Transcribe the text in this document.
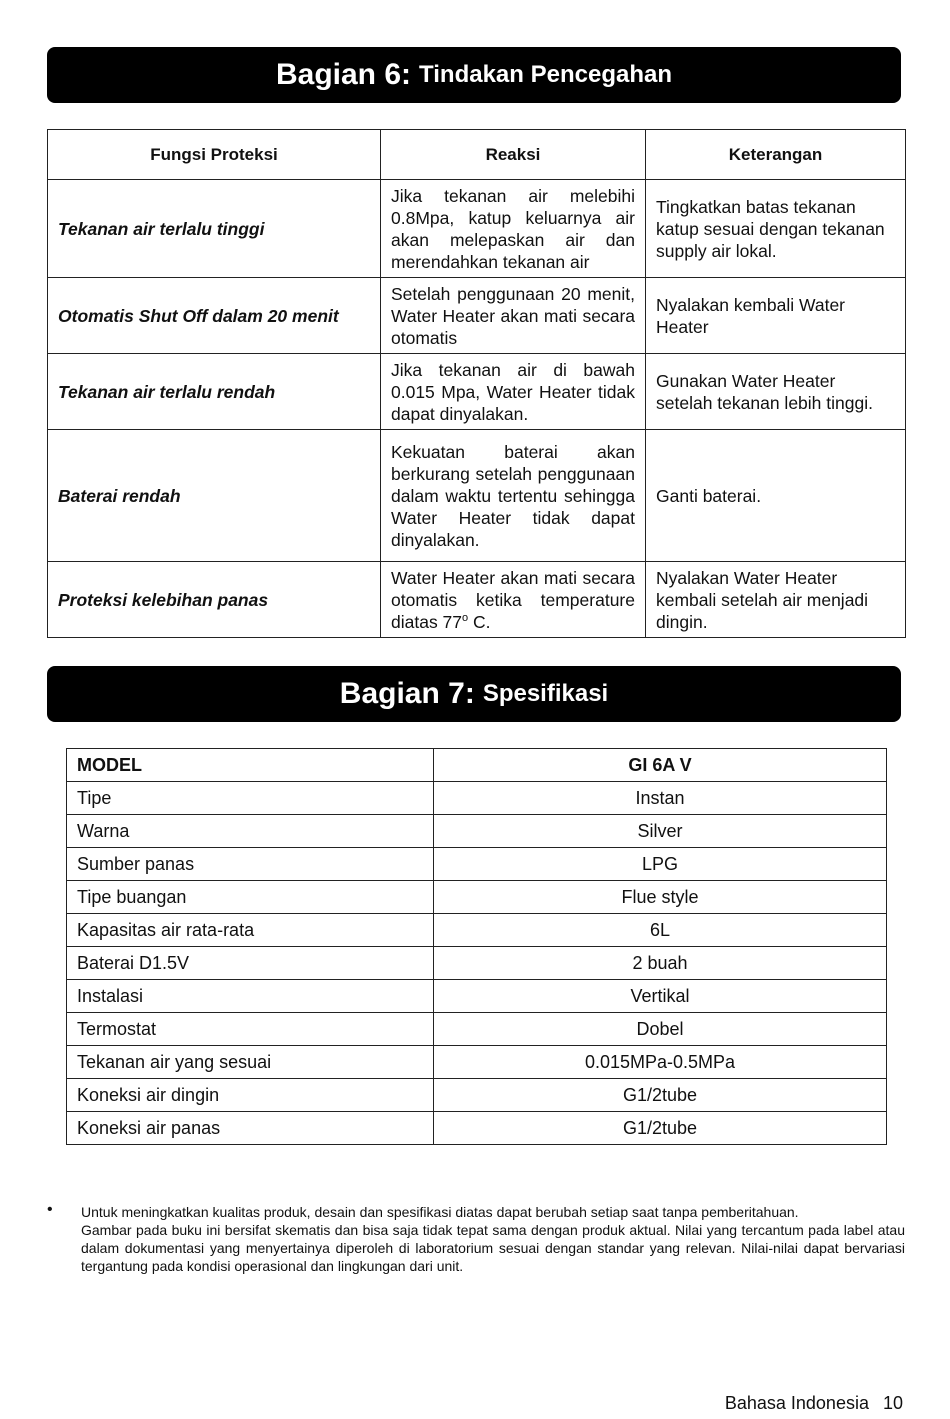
Bagian 6: Tindakan Pencegahan
Fungsi Proteksi	Reaksi	Keterangan
Tekanan air terlalu tinggi	Jika tekanan air melebihi 0.8Mpa, katup keluarnya air akan melepaskan air dan merendahkan tekanan air	Tingkatkan batas tekanan katup sesuai dengan tekanan supply air lokal.
Otomatis Shut Off dalam 20 menit	Setelah penggunaan 20 menit, Water Heater akan mati secara otomatis	Nyalakan kembali Water Heater
Tekanan air terlalu rendah	Jika tekanan air di bawah 0.015 Mpa, Water Heater tidak dapat dinyalakan.	Gunakan Water Heater setelah tekanan lebih tinggi.
Baterai rendah	Kekuatan baterai akan berkurang setelah penggunaan dalam waktu tertentu sehingga Water Heater tidak dapat dinyalakan.	Ganti baterai.
Proteksi kelebihan panas	Water Heater akan mati secara otomatis ketika temperature diatas 77$^o$ C.	Nyalakan Water Heater kembali setelah air menjadi dingin.
Bagian 7: Spesifikasi
MODEL	GI 6A V
Tipe	Instan
Warna	Silver
Sumber panas	LPG
Tipe buangan	Flue style
Kapasitas air rata-rata	6L
Baterai D1.5V	2 buah
Instalasi	Vertikal
Termostat	Dobel
Tekanan air yang sesuai	0.015MPa-0.5MPa
Koneksi air dingin	G1/2tube
Koneksi air panas	G1/2tube
• Untuk meningkatkan kualitas produk, desain dan spesifikasi diatas dapat berubah setiap saat tanpa pemberitahuan.

Gambar pada buku ini bersifat skematis dan bisa saja tidak tepat sama dengan produk aktual. Nilai yang tercantum pada label atau dalam dokumentasi yang menyertainya diperoleh di laboratorium sesuai dengan standar yang relevan. Nilai-nilai dapat bervariasi tergantung pada kondisi operasional dan lingkungan dari unit.

Bahasa Indonesia 10
